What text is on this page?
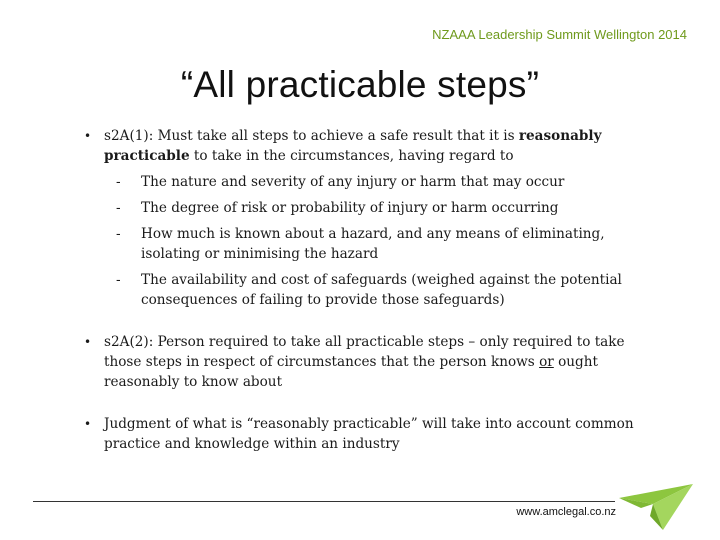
NZAAA Leadership Summit Wellington 2014
“All practicable steps”
• s2A(1): Must take all steps to achieve a safe result that it is reasonably practicable to take in the circumstances, having regard to
- The nature and severity of any injury or harm that may occur
- The degree of risk or probability of injury or harm occurring
- How much is known about a hazard, and any means of eliminating, isolating or minimising the hazard
- The availability and cost of safeguards (weighed against the potential consequences of failing to provide those safeguards)
• s2A(2): Person required to take all practicable steps – only required to take those steps in respect of circumstances that the person knows or ought reasonably to know about
• Judgment of what is “reasonably practicable” will take into account common practice and knowledge within an industry
www.amclegal.co.nz
